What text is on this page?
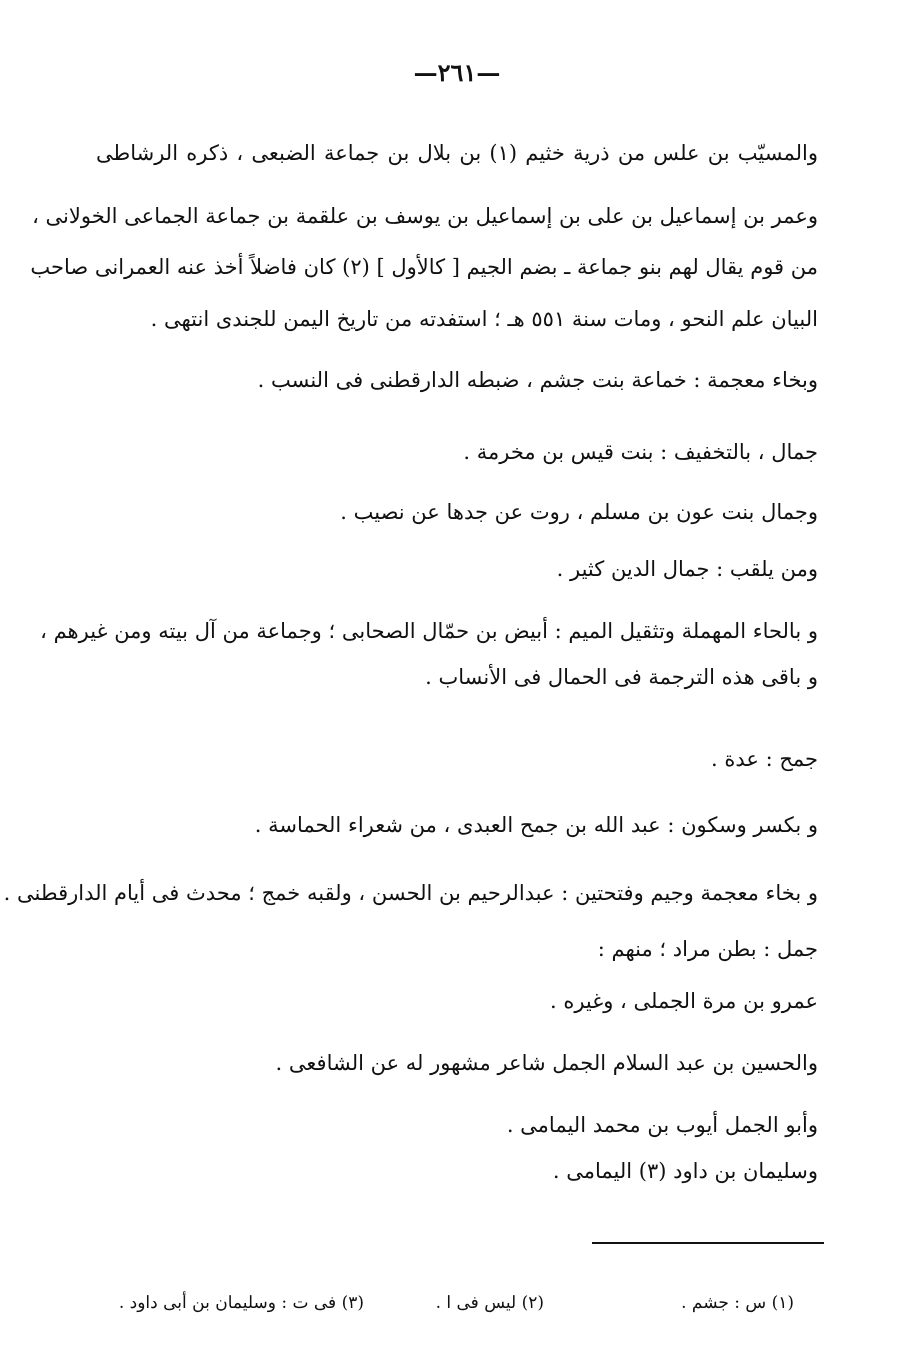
—٢٦١—
والمسيّب بن علس من ذرية خثيم (١) بن بلال بن جماعة الضبعى ، ذكره الرشاطى
وعمر بن إسماعيل بن على بن إسماعيل بن يوسف بن علقمة بن جماعة الجماعى الخولانى ،
من قوم يقال لهم بنو جماعة ـ بضم الجيم [ كالأول ] (٢) كان فاضلاً أخذ عنه العمرانى صاحب
البيان علم النحو ، ومات سنة ٥٥١ هـ ؛ استفدته من تاريخ اليمن للجندى انتهى .
وبخاء معجمة : خماعة بنت جشم ، ضبطه الدارقطنى فى النسب .
جمال ، بالتخفيف : بنت قيس بن مخرمة .
وجمال بنت عون بن مسلم ، روت عن جدها عن نصيب .
ومن يلقب : جمال الدين كثير .
و بالحاء المهملة وتثقيل الميم : أبيض بن حمّال الصحابى ؛ وجماعة من آل بيته ومن غيرهم ،
و باقى هذه الترجمة فى الحمال فى الأنساب .
جمح : عدة .
و بكسر وسكون : عبد الله بن جمح العبدى ، من شعراء الحماسة .
و بخاء معجمة وجيم وفتحتين : عبدالرحيم بن الحسن ، ولقبه خمج ؛ محدث فى أيام الدارقطنى .
جمل : بطن مراد ؛ منهم :
عمرو بن مرة الجملى ، وغيره .
والحسين بن عبد السلام الجمل شاعر مشهور له عن الشافعى .
وأبو الجمل أيوب بن محمد اليمامى .
وسليمان بن داود (٣) اليمامى .
(١) س : جشم .
(٢) ليس فى ا .
(٣) فى ت : وسليمان بن أبى داود .
